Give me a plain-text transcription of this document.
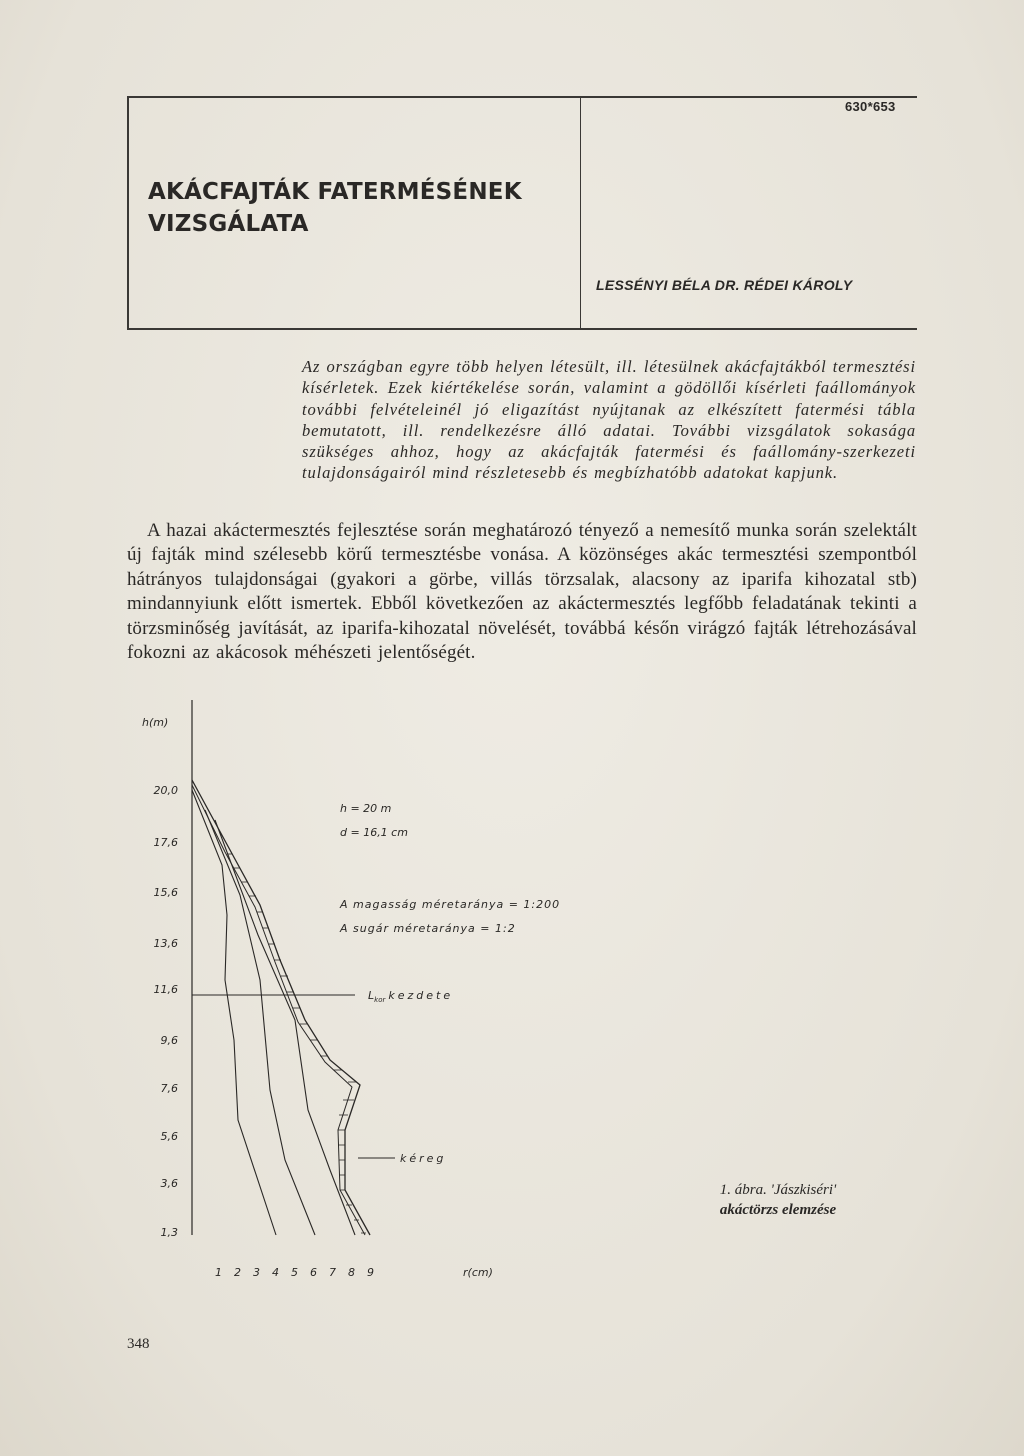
630*653
AKÁCFAJTÁK FATERMÉSÉNEK
VIZSGÁLATA
LESSÉNYI BÉLA DR. RÉDEI KÁROLY
Az országban egyre több helyen létesült, ill. létesülnek akácfajtákból termesztési kísérletek. Ezek kiértékelése során, valamint a gödöllői kísérleti faállományok további felvételeinél jó eligazítást nyújtanak az elkészített fatermési tábla bemutatott, ill. rendelkezésre álló adatai. További vizsgálatok sokasága szükséges ahhoz, hogy az akácfajták fatermési és faállomány-szerkezeti tulajdonságairól mind részletesebb és megbízhatóbb adatokat kapjunk.
A hazai akáctermesztés fejlesztése során meghatározó tényező a nemesítő munka során szelektált új fajták mind szélesebb körű termesztésbe vonása. A közönséges akác termesztési szempontból hátrányos tulajdonságai (gyakori a görbe, villás törzsalak, alacsony az iparifa kihozatal stb) mindannyiunk előtt ismertek. Ebből következően az akáctermesztés legfőbb feladatának tekinti a törzsminőség javítását, az iparifa-kihozatal növelését, továbbá későn virágzó fajták létrehozásával fokozni az akácosok méhészeti jelentőségét.
h(m)
20,0
17,6
15,6
13,6
11,6
9,6
7,6
5,6
3,6
1,3
1 2 3 4 5 6 7 8 9	r(cm)
$L_{kor}$ kezdete
kéreg
h = 20 m
d = 16,1 cm
A magasság méretaránya = 1:200
A sugár méretaránya = 1:2
1. ábra. 'Jászkiséri'
akáctörzs elemzése
348
